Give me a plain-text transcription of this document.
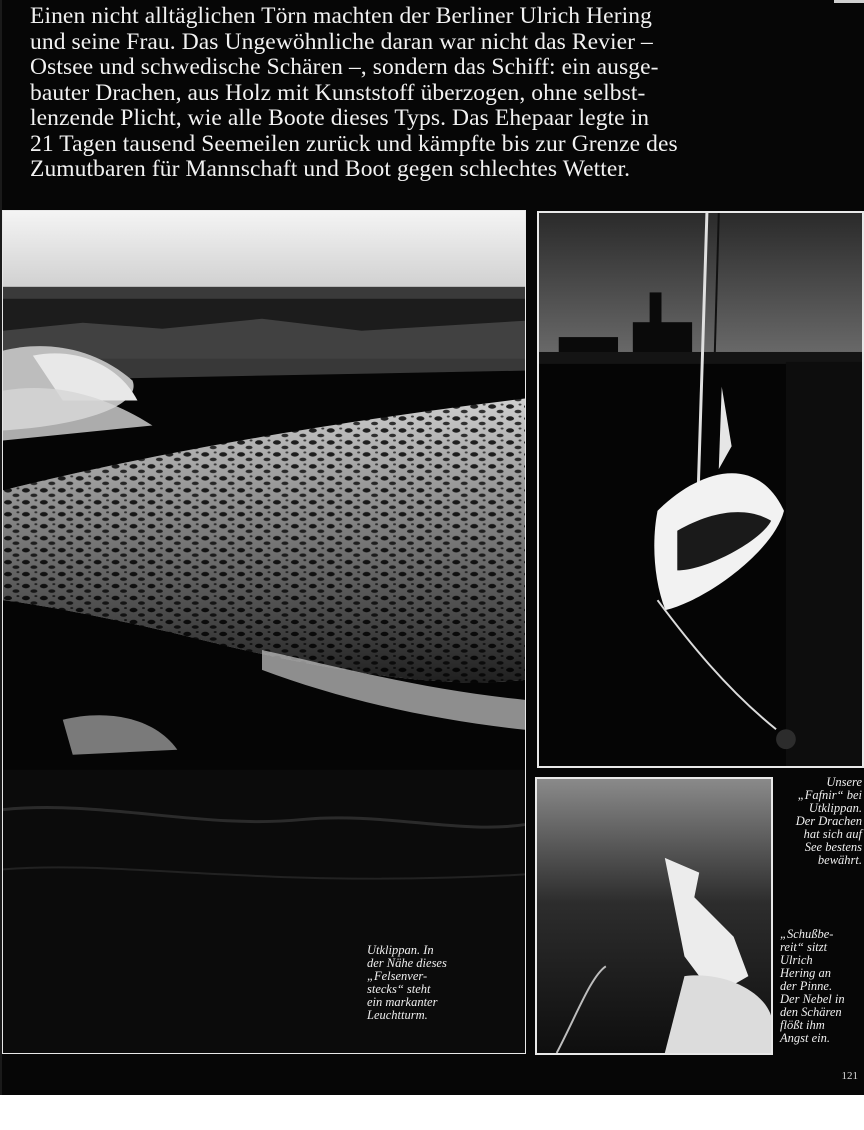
Einen nicht alltäglichen Törn machten der Berliner Ulrich Hering
und seine Frau. Das Ungewöhnliche daran war nicht das Revier –
Ostsee und schwedische Schären –, sondern das Schiff: ein ausge-
bauter Drachen, aus Holz mit Kunststoff überzogen, ohne selbst-
lenzende Plicht, wie alle Boote dieses Typs. Das Ehepaar legte in
21 Tagen tausend Seemeilen zurück und kämpfte bis zur Grenze des
Zumutbaren für Mannschaft und Boot gegen schlechtes Wetter.

Utklippan. In
der Nähe dieses
„Felsenver-
stecks“ steht
ein markanter
Leuchtturm.
Unsere
„Fafnir“ bei
Utklippan.
Der Drachen
hat sich auf
See bestens
bewährt.
„Schußbe-
reit“ sitzt
Ulrich
Hering an
der Pinne.
Der Nebel in
den Schären
flößt ihm
Angst ein.
121
